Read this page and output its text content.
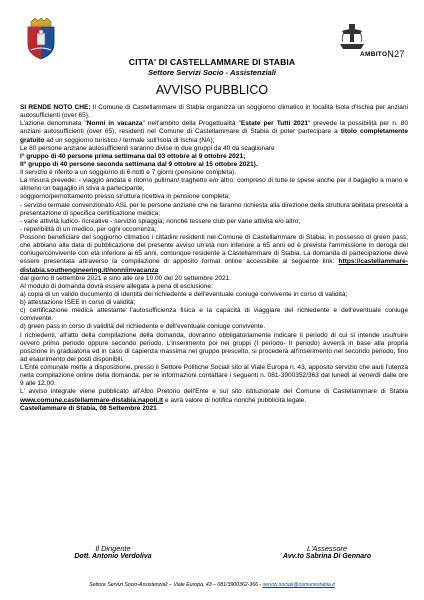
AMBITON27
CITTA' DI CASTELLAMMARE DI STABIA
Settore Servizi Socio - Assistenziali
AVVISO PUBBLICO

SI RENDE NOTO CHE: Il Comune di Castellammare di Stabia organizza un soggiorno climatico in località Isola d'Ischia per anziani autosufficienti (over 65).

L'azione denominata "Nonni in vacanza" nell'ambito della Progettualità "Estate per Tutti 2021" prevede la possibilità per n. 80 anziani autosufficienti (over 65), residenti nel Comune di Castellammare di Stabia di poter partecipare a titolo completamente gratuito ad un soggiorno turistico / termale sull'Isola di Ischia (NA);

Le 80 persone anziane autosufficienti saranno divise in due gruppi da 40 da scaglionare

I° gruppo di 40 persone prima settimana dal 03 ottobre al 9 ottobre 2021;

II° gruppo di 40 persone seconda settimana dal 9 ottobre al 15 ottobre 2021).

Il servizio è riferito a un soggiorno di 6 notti e 7 giorni (pensione completa).

La misura prevede: - viaggio andata e ritorno pullman/ traghetto e/o altro: compreso di tutte le spese anche per il bagaglio a mano e almeno un bagaglio in stiva a partecipante,

soggiorno/pernottamento presso struttura ricettiva in pensione completa;

- servizio termale convenzionato ASL per le persone anziane che ne faranno richiesta alla direzione della struttura abilitata prescelta a presentazione di specifica certificazione medica;

- varie attività ludico- ricreative - servizio spiaggia; nonché tessere club per varie attività e/o altro;

- reperibilità di un medico, per ogni occorrenza;

Possono beneficiare del soggiorno climatico i cittadini residenti nel Comune di Castellammare di Stabia, in possesso di green pass, che abbiano alla data di pubblicazione del presente avviso un'età non inferiore a 65 anni ed è prevista l'ammissione in deroga del coniuge/convivente con età inferiore ai 65 anni, comunque residente a Castellammare di Stabia. La domanda di partecipazione deve essere presentata attraverso la compilazione di apposito format online accessibile al seguente link: https://castellammare-distabia.southengineering.it/nonniinvacanza

dal giorno 8 settembre 2021 e sino alle ore 10.00 del 20 settembre 2021.

Al modulo di domanda dovrà essere allegata a pena di esclusione:

a) copia di un valido documento di identità del richiedente e dell'eventuale coniuge convivente in corso di validità;

b) attestazione ISEE in corso di validità;

c) certificazione medica attestante l'autosufficienza fisica e la capacità di viaggiare del richiedente e dell'eventuale coniuge convivente.

d) green pass in corso di validità del richiedente e dell'eventuale coniuge convivente.

I richiedenti, all'atto della compilazione della domanda, dovranno obbligatoriamente indicare il periodo di cui si intende usufruire ovvero primo periodo oppure secondo periodo. L'inserimento poi nei gruppi (I periodo- II periodo) avverrà in base alla propria posizione in graduatoria ed in caso di capienza massima nel gruppo prescelto, si procederà all'inserimento nel secondo periodo, fino ad esaurimento dei posti disponibili.

L'Ente comunale mette a disposizione, presso il Settore Politiche Sociali sito al Viale Europa n. 43, apposito servizio che aiuti l'utenza nella compilazione online della domanda, per le informazioni contattare i seguenti n. 081-3900352/363 dal lunedì al venerdì dalle ore 9 alle 12.00.

L' avviso integrale viene pubblicato all'Albo Pretorio dell'Ente e sul sito istituzionale del Comune di Castellammare di Stabia www.comune.castellammare-distabia.napoli.it e avrà valore di notifica nonché pubblicità legale.

Castellammare di Stabia, 08 Settembre 2021

Il Dirigente
Dott. Antonio Verdoliva
L'Assessore
Avv.to Sabrina Di Gennaro
Settore Servizi Socio-Assistenziali – Viale Europa, 43 – 081/3900362-366 - servizi.sociali@comunestabia.it
